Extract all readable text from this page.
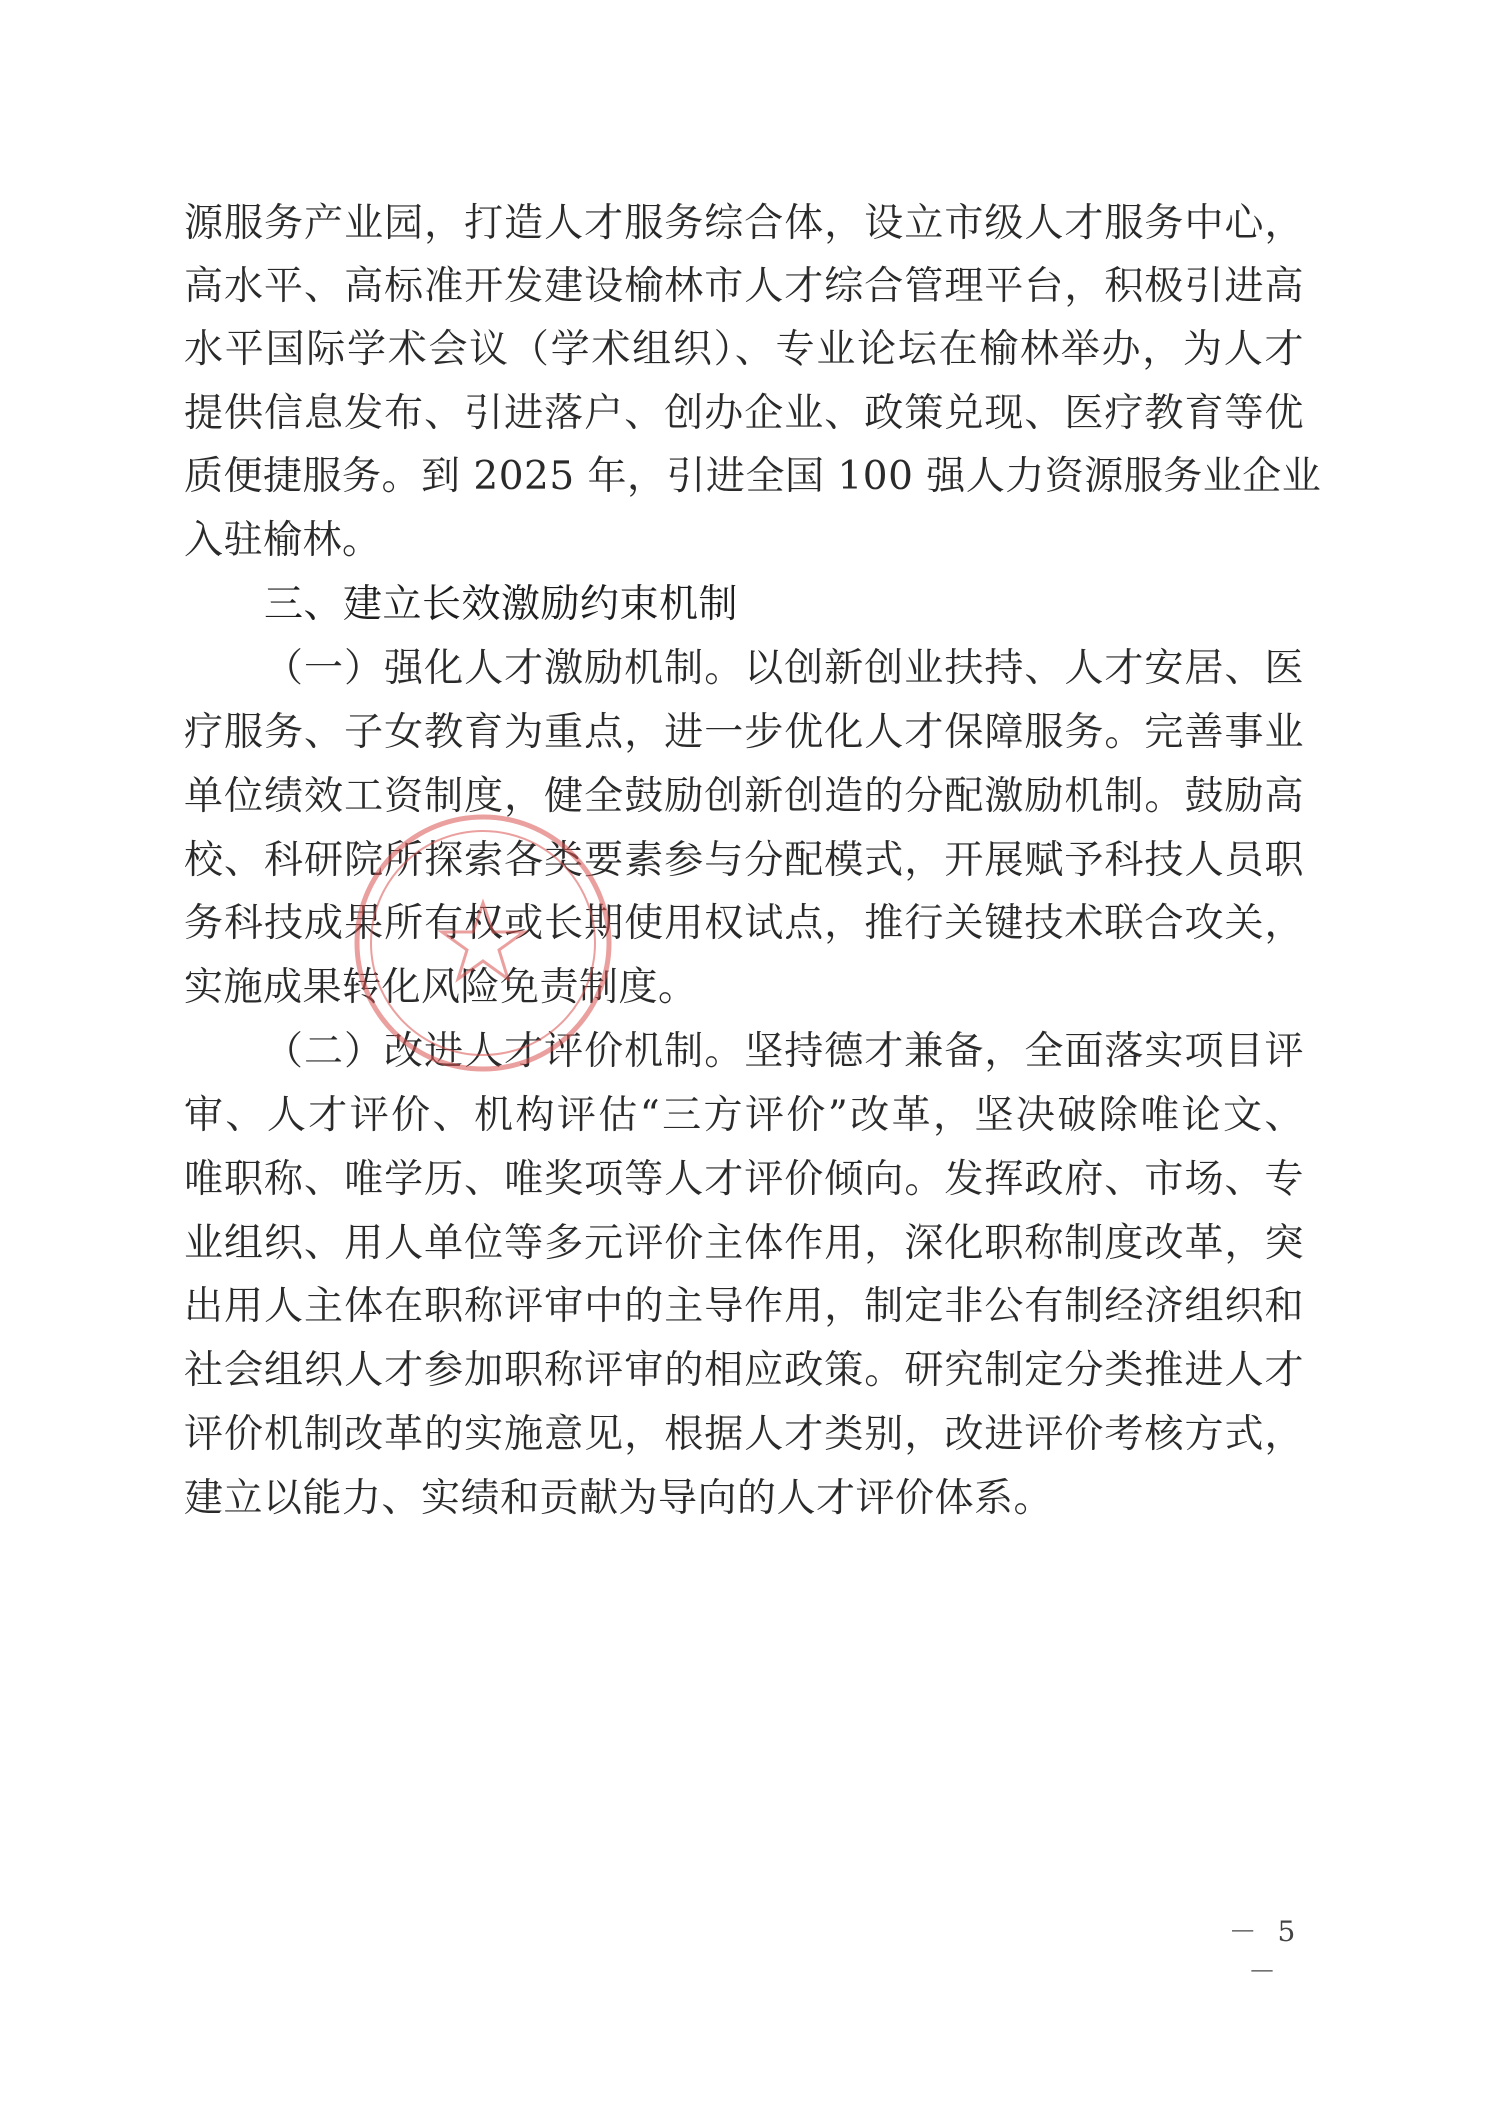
源服务产业园，打造人才服务综合体，设立市级人才服务中心，
高水平、高标准开发建设榆林市人才综合管理平台，积极引进高
水平国际学术会议（学术组织）、专业论坛在榆林举办，为人才
提供信息发布、引进落户、创办企业、政策兑现、医疗教育等优
质便捷服务。到 2025 年，引进全国 100 强人力资源服务业企业
入驻榆林。
三、建立长效激励约束机制
（一）强化人才激励机制。以创新创业扶持、人才安居、医
疗服务、子女教育为重点，进一步优化人才保障服务。完善事业
单位绩效工资制度，健全鼓励创新创造的分配激励机制。鼓励高
校、科研院所探索各类要素参与分配模式，开展赋予科技人员职
务科技成果所有权或长期使用权试点，推行关键技术联合攻关，
实施成果转化风险免责制度。
（二）改进人才评价机制。坚持德才兼备，全面落实项目评
审、人才评价、机构评估“三方评价”改革，坚决破除唯论文、
唯职称、唯学历、唯奖项等人才评价倾向。发挥政府、市场、专
业组织、用人单位等多元评价主体作用，深化职称制度改革，突
出用人主体在职称评审中的主导作用，制定非公有制经济组织和
社会组织人才参加职称评审的相应政策。研究制定分类推进人才
评价机制改革的实施意见，根据人才类别，改进评价考核方式，
建立以能力、实绩和贡献为导向的人才评价体系。
－ 5 －
